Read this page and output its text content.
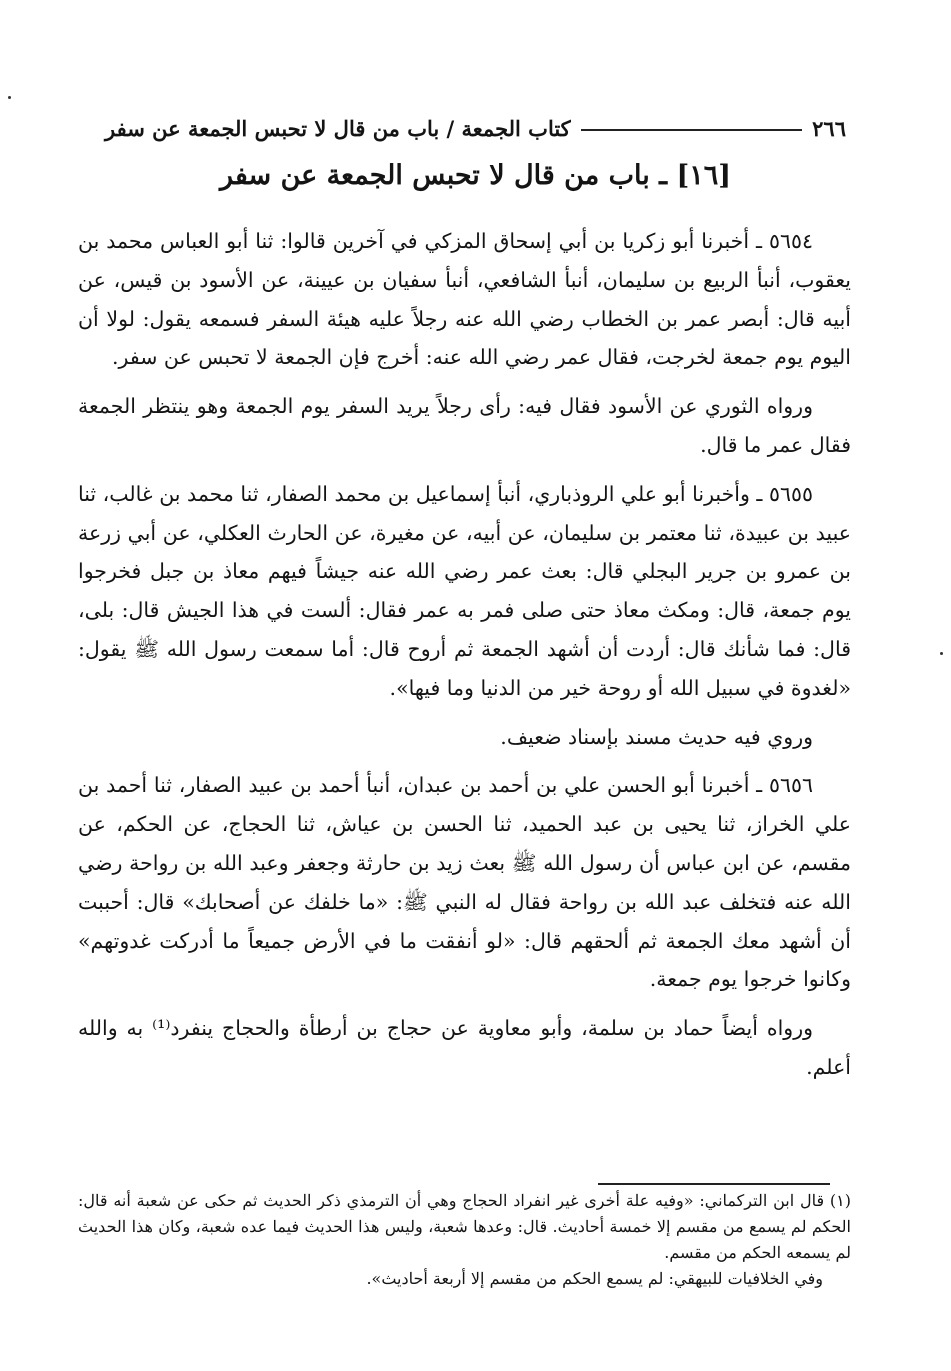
٢٦٦
كتاب الجمعة / باب من قال لا تحبس الجمعة عن سفر
[١٦] ـ باب من قال لا تحبس الجمعة عن سفر

٥٦٥٤ ـ أخبرنا أبو زكريا بن أبي إسحاق المزكي في آخرين قالوا: ثنا أبو العباس محمد بن يعقوب، أنبأ الربيع بن سليمان، أنبأ الشافعي، أنبأ سفيان بن عيينة، عن الأسود بن قيس، عن أبيه قال: أبصر عمر بن الخطاب رضي الله عنه رجلاً عليه هيئة السفر فسمعه يقول: لولا أن اليوم يوم جمعة لخرجت، فقال عمر رضي الله عنه: أخرج فإن الجمعة لا تحبس عن سفر.

ورواه الثوري عن الأسود فقال فيه: رأى رجلاً يريد السفر يوم الجمعة وهو ينتظر الجمعة فقال عمر ما قال.

٥٦٥٥ ـ وأخبرنا أبو علي الروذباري، أنبأ إسماعيل بن محمد الصفار، ثنا محمد بن غالب، ثنا عبيد بن عبيدة، ثنا معتمر بن سليمان، عن أبيه، عن مغيرة، عن الحارث العكلي، عن أبي زرعة بن عمرو بن جرير البجلي قال: بعث عمر رضي الله عنه جيشاً فيهم معاذ بن جبل فخرجوا يوم جمعة، قال: ومكث معاذ حتى صلى فمر به عمر فقال: ألست في هذا الجيش قال: بلى، قال: فما شأنك قال: أردت أن أشهد الجمعة ثم أروح قال: أما سمعت رسول الله ﷺ يقول: «لغدوة في سبيل الله أو روحة خير من الدنيا وما فيها».

وروي فيه حديث مسند بإسناد ضعيف.

٥٦٥٦ ـ أخبرنا أبو الحسن علي بن أحمد بن عبدان، أنبأ أحمد بن عبيد الصفار، ثنا أحمد بن علي الخراز، ثنا يحيى بن عبد الحميد، ثنا الحسن بن عياش، ثنا الحجاج، عن الحكم، عن مقسم، عن ابن عباس أن رسول الله ﷺ بعث زيد بن حارثة وجعفر وعبد الله بن رواحة رضي الله عنه فتخلف عبد الله بن رواحة فقال له النبي ﷺ: «ما خلفك عن أصحابك» قال: أحببت أن أشهد معك الجمعة ثم ألحقهم قال: «لو أنفقت ما في الأرض جميعاً ما أدركت غدوتهم» وكانوا خرجوا يوم جمعة.

ورواه أيضاً حماد بن سلمة، وأبو معاوية عن حجاج بن أرطأة والحجاج ينفرد⁽¹⁾ به والله أعلم.

(١) قال ابن التركماني: «وفيه علة أخرى غير انفراد الحجاج وهي أن الترمذي ذكر الحديث ثم حكى عن شعبة أنه قال: الحكم لم يسمع من مقسم إلا خمسة أحاديث. قال: وعدها شعبة، وليس هذا الحديث فيما عده شعبة، وكان هذا الحديث لم يسمعه الحكم من مقسم.

وفي الخلافيات للبيهقي: لم يسمع الحكم من مقسم إلا أربعة أحاديث».
